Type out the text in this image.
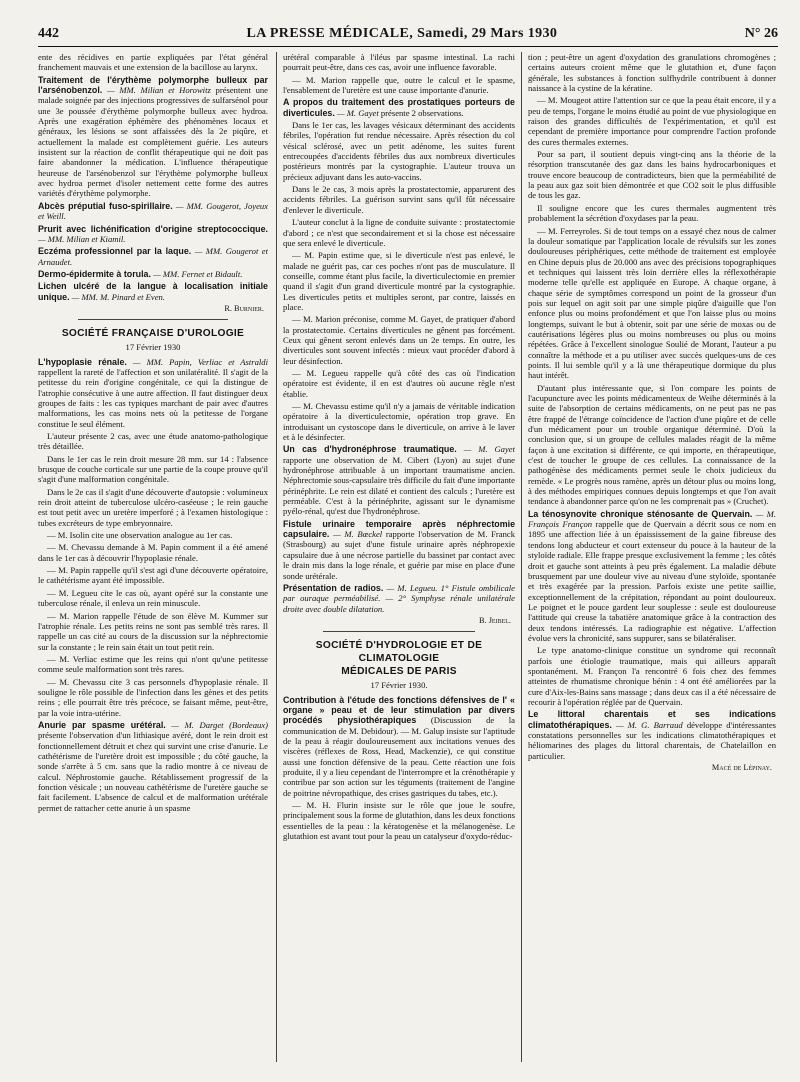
442	LA PRESSE MÉDICALE, Samedi, 29 Mars 1930	N° 26

ente des récidives en partie expliquées par l'état général franchement mauvais et une extension de la bacillose au larynx.

Traitement de l'érythème polymorphe bulleux par l'arsénobenzol. — MM. Milian et Horowitz présentent une malade soignée par des injections progressives de sulfarsénol pour une 3e poussée d'érythème polymorphe bulleux avec hydroa. Après une exagération éphémère des phénomènes locaux et généraux, les lésions se sont affaissées dès la 2e piqûre, et actuellement la malade est complètement guérie. Les auteurs insistent sur la réaction de conflit thérapeutique qui ne doit pas faire abandonner la médication. L'influence thérapeutique heureuse de l'arsénobenzol sur l'érythème polymorphe bulleux avec hydroa permet d'isoler nettement cette forme des autres variétés d'érythème polymorphe.

Abcès préputial fuso-spirillaire. — MM. Gougerot, Joyeux et Weill.

Prurit avec lichénification d'origine streptococcique. — MM. Milian et Kiamil.

Eczéma professionnel par la laque. — MM. Gougerot et Arnaudet.

Dermo-épidermite à torula. — MM. Fernet et Bidault.

Lichen ulcéré de la langue à localisation initiale unique. — MM. M. Pinard et Even.

R. Burnier.
SOCIÉTÉ FRANÇAISE D'UROLOGIE
17 Février 1930

L'hypoplasie rénale. — MM. Papin, Verliac et Astraldi rappellent la rareté de l'affection et son unilatéralité. Il s'agit de la petitesse du rein d'origine congénitale, ce qui la distingue de l'atrophie consécutive à une autre affection. Il faut distinguer deux groupes de faits : les cas typiques marchant de pair avec d'autres malformations, les cas moins nets où la petitesse de l'organe constitue le seul élément.

L'auteur présente 2 cas, avec une étude anatomo-pathologique très détaillée.

Dans le 1er cas le rein droit mesure 28 mm. sur 14 : l'absence brusque de couche corticale sur une partie de la coupe prouve qu'il s'agit d'une malformation congénitale.

Dans le 2e cas il s'agit d'une découverte d'autopsie : volumineux rein droit atteint de tuberculose ulcéro-caséeuse ; le rein gauche est tout petit avec un uretère imperforé ; à l'examen histologique : tubes excréteurs de type embryonnaire.

— M. Isolin cite une observation analogue au 1er cas.

— M. Chevassu demande à M. Papin comment il a été amené dans le 1er cas à découvrir l'hypoplasie rénale.

— M. Papin rappelle qu'il s'est agi d'une découverte opératoire, le cathétérisme ayant été impossible.

— M. Legueu cite le cas où, ayant opéré sur la constante une tuberculose rénale, il enleva un rein minuscule.

— M. Marion rappelle l'étude de son élève M. Kummer sur l'atrophie rénale. Les petits reins ne sont pas semblé très rares. Il rappelle un cas cité au cours de la discussion sur la néphrectomie sur la constante ; le rein sain était un tout petit rein.

— M. Verliac estime que les reins qui n'ont qu'une petitesse comme seule malformation sont très rares.

— M. Chevassu cite 3 cas personnels d'hypoplasie rénale. Il souligne le rôle possible de l'infection dans les gènes et des petits reins ; elle pourrait être très précoce, se faisant même, peut-être, par la voie intra-utérine.

Anurie par spasme urétéral. — M. Darget (Bordeaux) présente l'observation d'un lithiasique avéré, dont le rein droit est fonctionnellement détruit et chez qui survint une crise d'anurie. Le cathétérisme de l'uretère droit est impossible ; du côté gauche, la sonde s'arrête à 5 cm. sans que la radio montre à ce niveau de calcul. Néphrostomie gauche. Rétablissement progressif de la fonction vésicale ; un nouveau cathétérisme de l'uretère gauche se fait facilement. L'absence de calcul et de malformation urétérale permet de rattacher cette anurie à un spasme

urétéral comparable à l'iléus par spasme intestinal. La rachi pourrait peut-être, dans ces cas, avoir une influence favorable.

— M. Marion rappelle que, outre le calcul et le spasme, l'ensablement de l'uretère est une cause importante d'anurie.

A propos du traitement des prostatiques porteurs de diverticules. — M. Gayet présente 2 observations.

Dans le 1er cas, les lavages vésicaux déterminant des accidents fébriles, l'opération fut rendue nécessaire. Après résection du col vésical sclérosé, avec un petit adénome, les suites furent entrecoupées d'accidents fébriles dus aux nombreux diverticules postérieurs montrés par la cystographie. L'auteur trouva un précieux adjuvant dans les auto-vaccins.

Dans le 2e cas, 3 mois après la prostatectomie, apparurent des accidents fébriles. La guérison survint sans qu'il fût nécessaire d'enlever le diverticule.

L'auteur conclut à la ligne de conduite suivante : prostatectomie d'abord ; ce n'est que secondairement et si la chose est nécessaire que sera enlevé le diverticule.

— M. Papin estime que, si le diverticule n'est pas enlevé, le malade ne guérit pas, car ces poches n'ont pas de musculature. Il conseille, comme étant plus facile, la diverticulectomie en premier quand il s'agit d'un grand diverticule montré par la cystographie. Les diverticules petits et multiples seront, par contre, laissés en place.

— M. Marion préconise, comme M. Gayet, de pratiquer d'abord la prostatectomie. Certains diverticules ne gênent pas forcément. Ceux qui gênent seront enlevés dans un 2e temps. En outre, les diverticules sont souvent infectés : mieux vaut procéder d'abord à leur désinfection.

— M. Legueu rappelle qu'à côté des cas où l'indication opératoire est évidente, il en est d'autres où aucune règle n'est établie.

— M. Chevassu estime qu'il n'y a jamais de véritable indication opératoire à la diverticulectomie, opération trop grave. En introduisant un cystoscope dans le diverticule, on arrive à le laver et à le désinfecter.

Un cas d'hydronéphrose traumatique. — M. Gayet rapporte une observation de M. Cibert (Lyon) au sujet d'une hydronéphrose attribuable à un important traumatisme ancien. Néphrectomie sous-capsulaire très difficile du fait d'une importante périnéphrite. Le rein est dilaté et contient des calculs ; l'uretère est perméable. C'est à la périnéphrite, agissant sur le dynamisme pyélo-rénal, qu'est due l'hydronéphrose.

Fistule urinaire temporaire après néphrectomie capsulaire. — M. Bœckel rapporte l'observation de M. Franck (Strasbourg) au sujet d'une fistule urinaire après néphropexie capsulaire due à une nécrose partielle du bassinet par contact avec le drain mis dans la loge rénale, et guérie par mise en place d'une sonde urétérale.

Présentation de radios. — M. Legueu. 1° Fistule ombilicale par ouraque perméabilisé. — 2° Symphyse rénale unilatérale droite avec double dilatation.

B. Jeibel.
SOCIÉTÉ D'HYDROLOGIE ET DE CLIMATOLOGIE
MÉDICALES DE PARIS
17 Février 1930.

Contribution à l'étude des fonctions défensives de l' « organe » peau et de leur stimulation par divers procédés physiothérapiques (Discussion de la communication de M. Debidour). — M. Galup insiste sur l'aptitude de la peau à réagir douloureusement aux incitations venues des viscères (réflexes de Ross, Head, Mackenzie), ce qui constitue aussi une fonction défensive de la peau. Cette réaction une fois produite, il y a lieu cependant de l'interrompre et la crénothérapie y contribue par son action sur les téguments (traitement de l'angine de poitrine névropathique, des crises gastriques du tabes, etc.).

— M. H. Flurin insiste sur le rôle que joue le soufre, principalement sous la forme de glutathion, dans les deux fonctions essentielles de la peau : la kératogenèse et la mélanogenèse. Le glutathion est avant tout pour la peau un catalyseur d'oxydo-réduc-

tion ; peut-être un agent d'oxydation des granulations chromogènes ; certains auteurs croient même que le glutathion et, d'une façon générale, les substances à fonction sulfhydrile contribuent à donner naissance à la cystine de la kératine.

— M. Mougeot attire l'attention sur ce que la peau était encore, il y a peu de temps, l'organe le moins étudié au point de vue physiologique en raison des grandes difficultés de l'expérimentation, et qu'il est cependant de première importance pour comprendre l'action profonde des cures thermales externes.

Pour sa part, il soutient depuis vingt-cinq ans la théorie de la résorption transcutanée des gaz dans les bains hydrocarboniques et trouve encore beaucoup de contradicteurs, bien que la perméabilité de la peau aux gaz soit bien démontrée et que CO2 soit le plus diffusible de tous les gaz.

Il souligne encore que les cures thermales augmentent très probablement la sécrétion d'oxydases par la peau.

— M. Ferreyroles. Si de tout temps on a essayé chez nous de calmer la douleur somatique par l'application locale de révulsifs sur les zones douloureuses périphériques, cette méthode de traitement est employée en Chine depuis plus de 20.000 ans avec des précisions topographiques et techniques qui laissent très loin derrière elles la réflexothérapie moderne telle qu'elle est appliquée en Europe. A chaque organe, à chaque série de symptômes correspond un point de la grosseur d'un pois sur lequel on agit soit par une simple piqûre d'aiguille que l'on enfonce plus ou moins profondément et que l'on laisse plus ou moins longtemps, suivant le but à obtenir, soit par une série de moxas ou de cautérisations légères plus ou moins nombreuses ou plus ou moins répétées. Grâce à l'excellent sinologue Soulié de Morant, l'auteur a pu connaître la méthode et a pu utiliser avec succès quelques-uns de ces points. Il lui semble qu'il y a là une thérapeutique dormique du plus haut intérêt.

D'autant plus intéressante que, si l'on compare les points de l'acupuncture avec les points médicamenteux de Weihe déterminés à la suite de l'absorption de certains médicaments, on ne peut pas ne pas être frappé de l'étrange coïncidence de l'action d'une piqûre et de celle d'un médicament pour un trouble organique déterminé. D'où la conclusion que, si un groupe de cellules malades réagit de la même façon à une excitation si différente, ce qui importe, en thérapeutique, c'est de toucher le groupe de ces cellules. La connaissance de la pathogénèse des médicaments permet seule le choix judicieux du remède. « Le progrès nous ramène, après un détour plus ou moins long, à des méthodes empiriques connues depuis longtemps et que l'on avait tendance à abandonner parce qu'on ne les comprenait pas » (Cruchet).

La ténosynovite chronique sténosante de Quervain. — M. François Françon rappelle que de Quervain a décrit sous ce nom en 1895 une affection liée à un épaississement de la gaine fibreuse des tendons long abducteur et court extenseur du pouce à la hauteur de la styloïde radiale. Elle frappe presque exclusivement la femme ; les côtés droit et gauche sont atteints à peu près également. La maladie débute brusquement par une douleur vive au niveau d'une styloïde, spontanée et très exagérée par la pression. Parfois existe une petite saillie, exceptionnellement de la crépitation, répondant au point douloureux. Le poignet et le pouce gardent leur souplesse : seule est douloureuse l'attitude qui creuse la tabatière anatomique grâce à la contraction des deux tendons intéressés. La radiographie est négative. L'affection évolue vers la chronicité, sans suppurer, sans se bilatéraliser.

Le type anatomo-clinique constitue un syndrome qui reconnaît parfois une étiologie traumatique, mais qui ailleurs apparaît spontanément. M. Françon l'a rencontré 6 fois chez des femmes atteintes de rhumatisme chronique bénin : 4 ont été améliorées par la cure d'Aix-les-Bains sans massage ; dans deux cas il a été nécessaire de recourir à l'opération réglée par de Quervain.

Le littoral charentais et ses indications climatothérapiques. — M. G. Barraud développe d'intéressantes constatations personnelles sur les indications climatothérapiques et héliomarines des plages du littoral charentais, de Chatelaillon en particulier.

Macé de Lépinay.
